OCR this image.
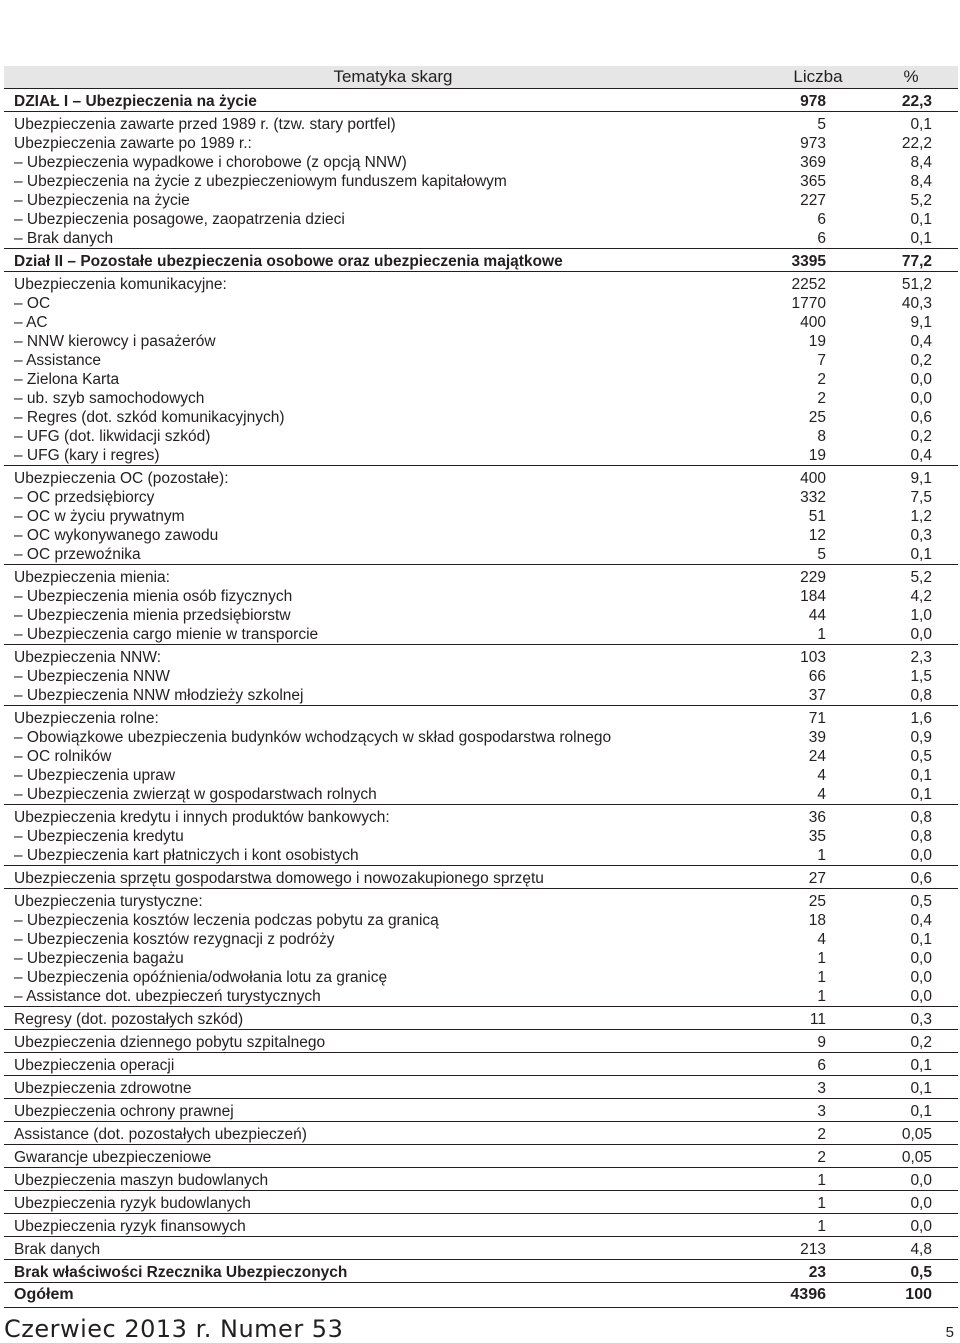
Tematyka skarg	Liczba	%
DZIAŁ I – Ubezpieczenia na życie	978	22,3
Ubezpieczenia zawarte przed 1989 r. (tzw. stary portfel)	5	0,1
Ubezpieczenia zawarte po 1989 r.:	973	22,2
– Ubezpieczenia wypadkowe i chorobowe (z opcją NNW)	369	8,4
– Ubezpieczenia na życie z ubezpieczeniowym funduszem kapitałowym	365	8,4
– Ubezpieczenia na życie	227	5,2
– Ubezpieczenia posagowe, zaopatrzenia dzieci	6	0,1
– Brak danych	6	0,1
Dział II – Pozostałe ubezpieczenia osobowe oraz ubezpieczenia majątkowe	3395	77,2
Ubezpieczenia komunikacyjne:	2252	51,2
– OC	1770	40,3
– AC	400	9,1
– NNW kierowcy i pasażerów	19	0,4
– Assistance	7	0,2
– Zielona Karta	2	0,0
– ub. szyb samochodowych	2	0,0
– Regres (dot. szkód komunikacyjnych)	25	0,6
– UFG (dot. likwidacji szkód)	8	0,2
– UFG (kary i regres)	19	0,4
Ubezpieczenia OC (pozostałe):	400	9,1
– OC przedsiębiorcy	332	7,5
– OC w życiu prywatnym	51	1,2
– OC wykonywanego zawodu	12	0,3
– OC przewoźnika	5	0,1
Ubezpieczenia mienia:	229	5,2
– Ubezpieczenia mienia osób fizycznych	184	4,2
– Ubezpieczenia mienia przedsiębiorstw	44	1,0
– Ubezpieczenia cargo mienie w transporcie	1	0,0
Ubezpieczenia NNW:	103	2,3
– Ubezpieczenia NNW	66	1,5
– Ubezpieczenia NNW młodzieży szkolnej	37	0,8
Ubezpieczenia rolne:	71	1,6
– Obowiązkowe ubezpieczenia budynków wchodzących w skład gospodarstwa rolnego	39	0,9
– OC rolników	24	0,5
– Ubezpieczenia upraw	4	0,1
– Ubezpieczenia zwierząt w gospodarstwach rolnych	4	0,1
Ubezpieczenia kredytu i innych produktów bankowych:	36	0,8
– Ubezpieczenia kredytu	35	0,8
– Ubezpieczenia kart płatniczych i kont osobistych	1	0,0
Ubezpieczenia sprzętu gospodarstwa domowego i nowozakupionego sprzętu	27	0,6
Ubezpieczenia turystyczne:	25	0,5
– Ubezpieczenia kosztów leczenia podczas pobytu za granicą	18	0,4
– Ubezpieczenia kosztów rezygnacji z podróży	4	0,1
– Ubezpieczenia bagażu	1	0,0
– Ubezpieczenia opóźnienia/odwołania lotu za granicę	1	0,0
– Assistance dot. ubezpieczeń turystycznych	1	0,0
Regresy (dot. pozostałych szkód)	11	0,3
Ubezpieczenia dziennego pobytu szpitalnego	9	0,2
Ubezpieczenia operacji	6	0,1
Ubezpieczenia zdrowotne	3	0,1
Ubezpieczenia ochrony prawnej	3	0,1
Assistance (dot. pozostałych ubezpieczeń)	2	0,05
Gwarancje ubezpieczeniowe	2	0,05
Ubezpieczenia maszyn budowlanych	1	0,0
Ubezpieczenia ryzyk budowlanych	1	0,0
Ubezpieczenia ryzyk finansowych	1	0,0
Brak danych	213	4,8
Brak właściwości Rzecznika Ubezpieczonych	23	0,5
Ogółem	4396	100
Czerwiec 2013 r. Numer 53	5
